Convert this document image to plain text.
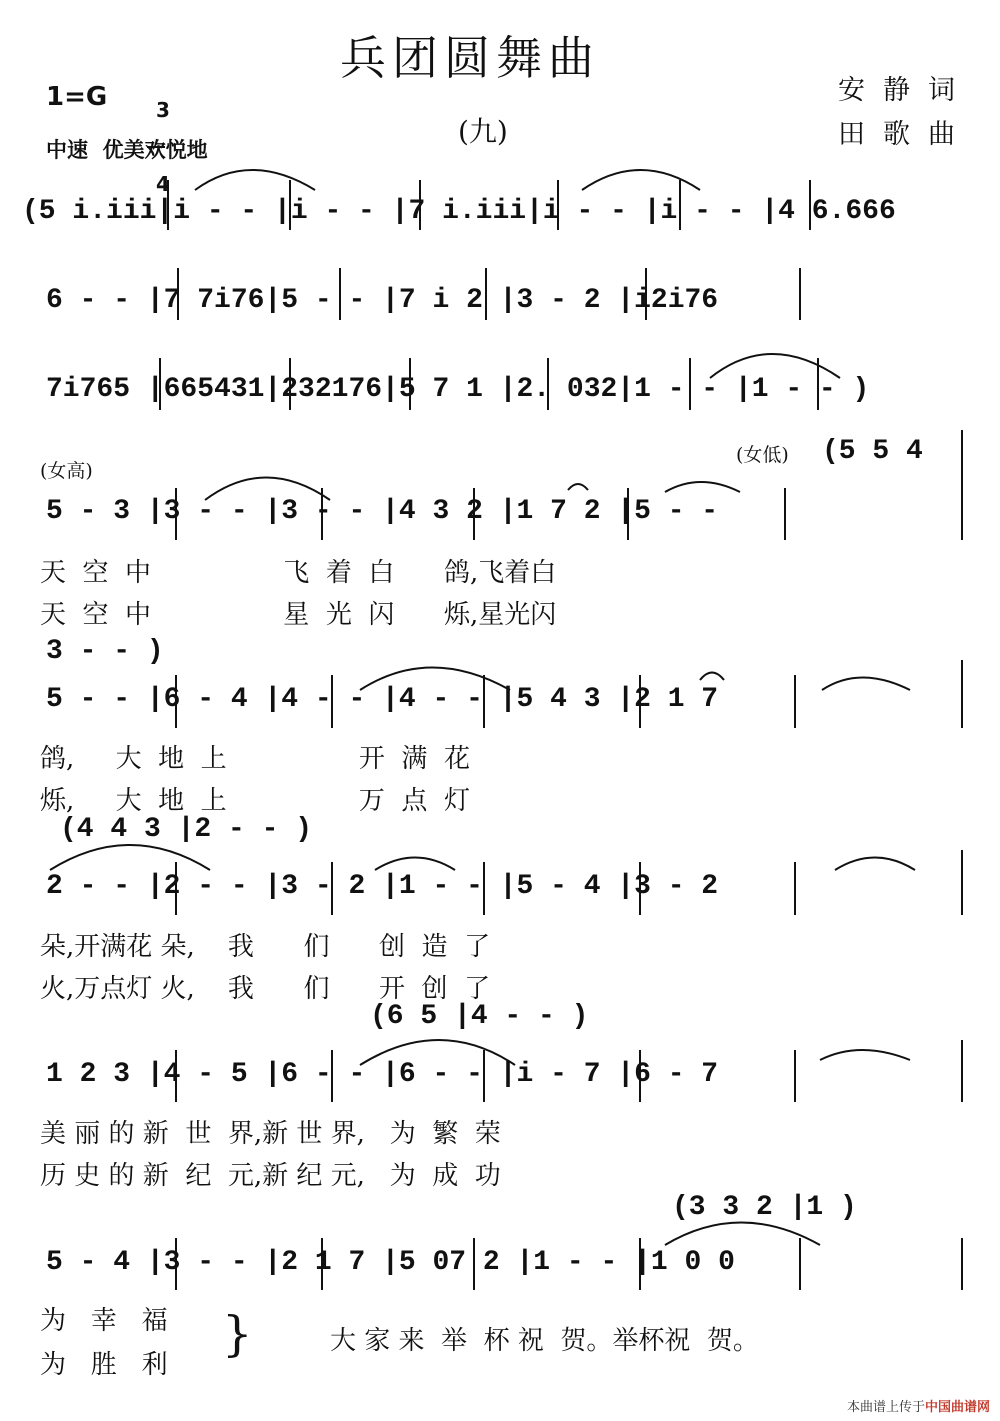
兵团圆舞曲
(九)
1=G	3

4

中速  优美欢悦地
安静词
田歌曲
(5 i.iii|i - - |i - - |7 i.iii|i - - |i - - |4 6.666
6 - - |7 7i76|5 - - |7 i 2 |3 - 2 |i2i76
7i765 |665431|232176|5 7 1 |2. 032|1 - - |1 - - )
(女高)
(女低) (5 5 4
5 - 3 |3 - - |3 - - |4 3 2 |1 7 2 |5 - -
天  空  中                飞  着  白      鸽,飞着白
天  空  中                星  光  闪      烁,星光闪
3 - - )
5 - - |6 - 4 |4 - - |4 - - |5 4 3 |2 1 7
鸽,     大  地  上                开  满  花
烁,     大  地  上                万  点  灯
(4 4 3 |2 - - )
2 - - |2 - - |3 - 2 |1 - - |5 - 4 |3 - 2
朵,开满花 朵,    我      们      创  造  了
火,万点灯 火,    我      们      开  创  了
(6 5 |4 - - )
1 2 3 |4 - 5 |6 - - |6 - - |i - 7 |6 - 7
美 丽 的 新  世  界,新 世 界,   为  繁  荣
历 史 的 新  纪  元,新 纪 元,   为  成  功
(3 3 2 |1 )
5 - 4 |3 - - |2 1 7 |5 07 2 |1 - - |1 0 0
为   幸   福
为   胜   利
}	大 家 来  举  杯 祝  贺。举杯祝  贺。
本曲谱上传于中国曲谱网
